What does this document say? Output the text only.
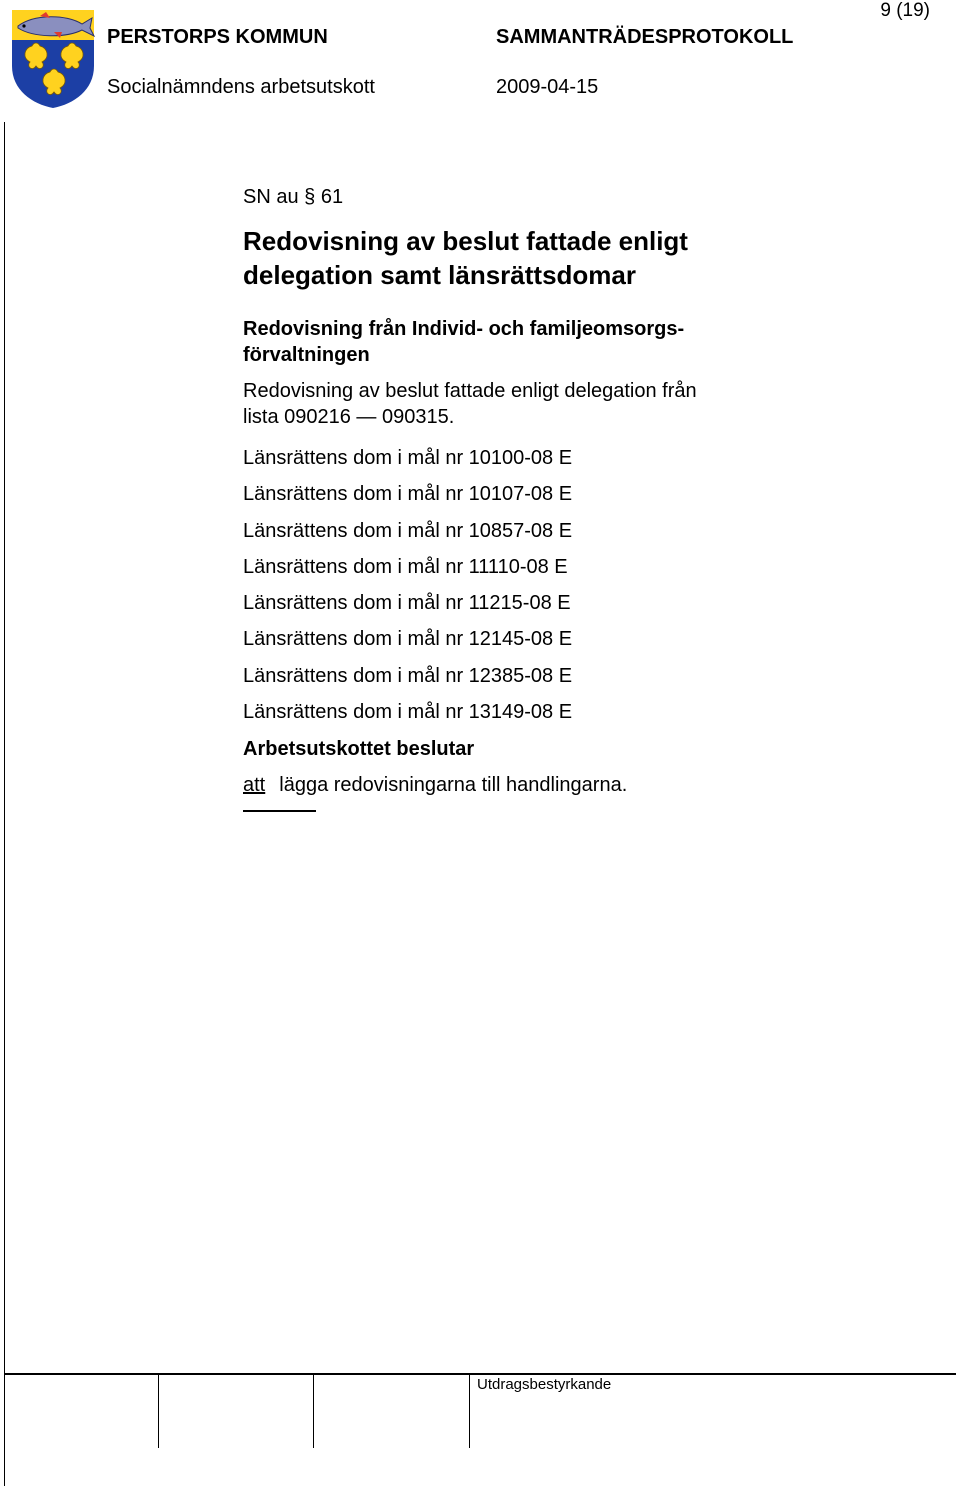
9 (19)
PERSTORPS KOMMUN	SAMMANTRÄDESPROTOKOLL
Socialnämndens arbetsutskott	2009-04-15
SN au § 61
Redovisning av beslut fattade enligt
delegation samt länsrättsdomar
Redovisning från Individ- och familjeomsorgs-
förvaltningen
Redovisning av beslut fattade enligt delegation från
lista 090216 — 090315.
Länsrättens dom i mål nr 10100-08 E
Länsrättens dom i mål nr 10107-08 E
Länsrättens dom i mål nr 10857-08 E
Länsrättens dom i mål nr 11110-08 E
Länsrättens dom i mål nr 11215-08 E
Länsrättens dom i mål nr 12145-08 E
Länsrättens dom i mål nr 12385-08 E
Länsrättens dom i mål nr 13149-08 E
Arbetsutskottet beslutar
att lägga redovisningarna till handlingarna.
Utdragsbestyrkande
